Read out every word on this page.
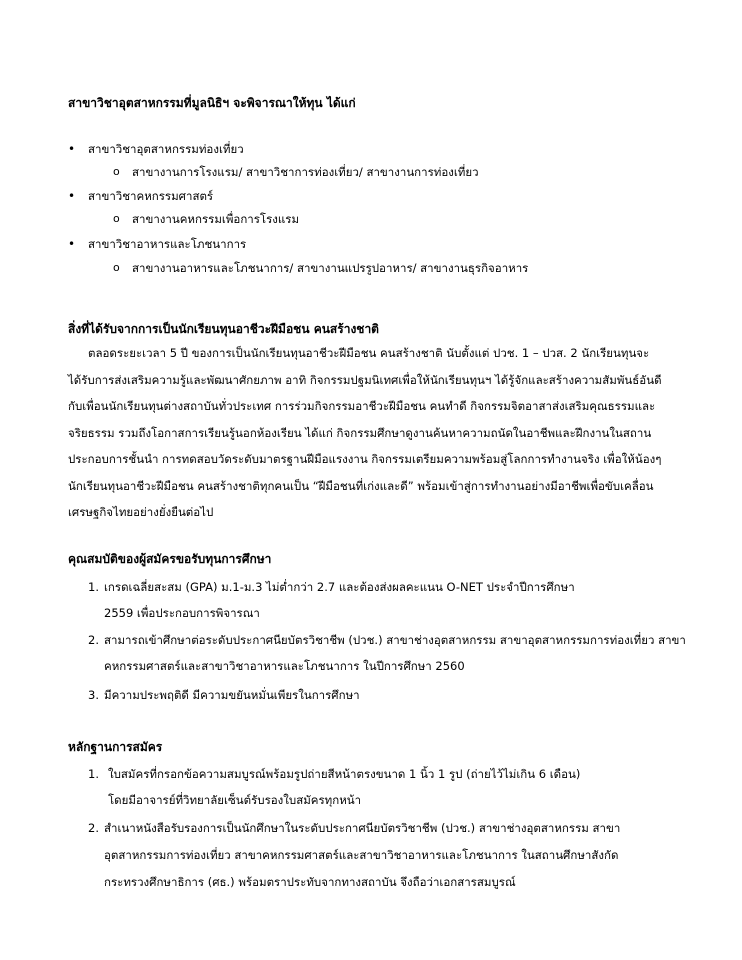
สาขาวิชาอุตสาหกรรมที่มูลนิธิฯ จะพิจารณาให้ทุน ได้แก่
• สาขาวิชาอุตสาหกรรมท่องเที่ยว
o สาขางานการโรงแรม/ สาขาวิชาการท่องเที่ยว/ สาขางานการท่องเที่ยว
• สาขาวิชาคหกรรมศาสตร์
o สาขางานคหกรรมเพื่อการโรงแรม
• สาขาวิชาอาหารและโภชนาการ
o สาขางานอาหารและโภชนาการ/ สาขางานแปรรูปอาหาร/ สาขางานธุรกิจอาหาร
สิ่งที่ได้รับจากการเป็นนักเรียนทุนอาชีวะฝีมือชน คนสร้างชาติ
ตลอดระยะเวลา 5 ปี ของการเป็นนักเรียนทุนอาชีวะฝีมือชน คนสร้างชาติ นับตั้งแต่ ปวช. 1 – ปวส. 2 นักเรียนทุนจะ
ได้รับการส่งเสริมความรู้และพัฒนาศักยภาพ อาทิ กิจกรรมปฐมนิเทศเพื่อให้นักเรียนทุนฯ ได้รู้จักและสร้างความสัมพันธ์อันดี
กับเพื่อนนักเรียนทุนต่างสถาบันทั่วประเทศ การร่วมกิจกรรมอาชีวะฝีมือชน คนทำดี กิจกรรมจิตอาสาส่งเสริมคุณธรรมและ
จริยธรรม รวมถึงโอกาสการเรียนรู้นอกห้องเรียน ได้แก่ กิจกรรมศึกษาดูงานค้นหาความถนัดในอาชีพและฝึกงานในสถาน
ประกอบการชั้นนำ การทดสอบวัดระดับมาตรฐานฝีมือแรงงาน กิจกรรมเตรียมความพร้อมสู่โลกการทำงานจริง เพื่อให้น้องๆ
นักเรียนทุนอาชีวะฝีมือชน คนสร้างชาติทุกคนเป็น “ฝีมือชนที่เก่งและดี” พร้อมเข้าสู่การทำงานอย่างมีอาชีพเพื่อขับเคลื่อน
เศรษฐกิจไทยอย่างยั่งยืนต่อไป
คุณสมบัติของผู้สมัครขอรับทุนการศึกษา
1. เกรดเฉลี่ยสะสม (GPA) ม.1-ม.3 ไม่ต่ำกว่า 2.7 และต้องส่งผลคะแนน O-NET ประจำปีการศึกษา
2559 เพื่อประกอบการพิจารณา
2. สามารถเข้าศึกษาต่อระดับประกาศนียบัตรวิชาชีพ (ปวช.) สาขาช่างอุตสาหกรรม สาขาอุตสาหกรรมการท่องเที่ยว สาขา
คหกรรมศาสตร์และสาขาวิชาอาหารและโภชนาการ ในปีการศึกษา 2560
3. มีความประพฤติดี มีความขยันหมั่นเพียรในการศึกษา
หลักฐานการสมัคร
1. ใบสมัครที่กรอกข้อความสมบูรณ์พร้อมรูปถ่ายสีหน้าตรงขนาด 1 นิ้ว 1 รูป (ถ่ายไว้ไม่เกิน 6 เดือน)
โดยมีอาจารย์ที่วิทยาลัยเซ็นต์รับรองใบสมัครทุกหน้า
2. สำเนาหนังสือรับรองการเป็นนักศึกษาในระดับประกาศนียบัตรวิชาชีพ (ปวช.) สาขาช่างอุตสาหกรรม สาขา
อุตสาหกรรมการท่องเที่ยว สาขาคหกรรมศาสตร์และสาขาวิชาอาหารและโภชนาการ ในสถานศึกษาสังกัด
กระทรวงศึกษาธิการ (ศธ.) พร้อมตราประทับจากทางสถาบัน จึงถือว่าเอกสารสมบูรณ์
